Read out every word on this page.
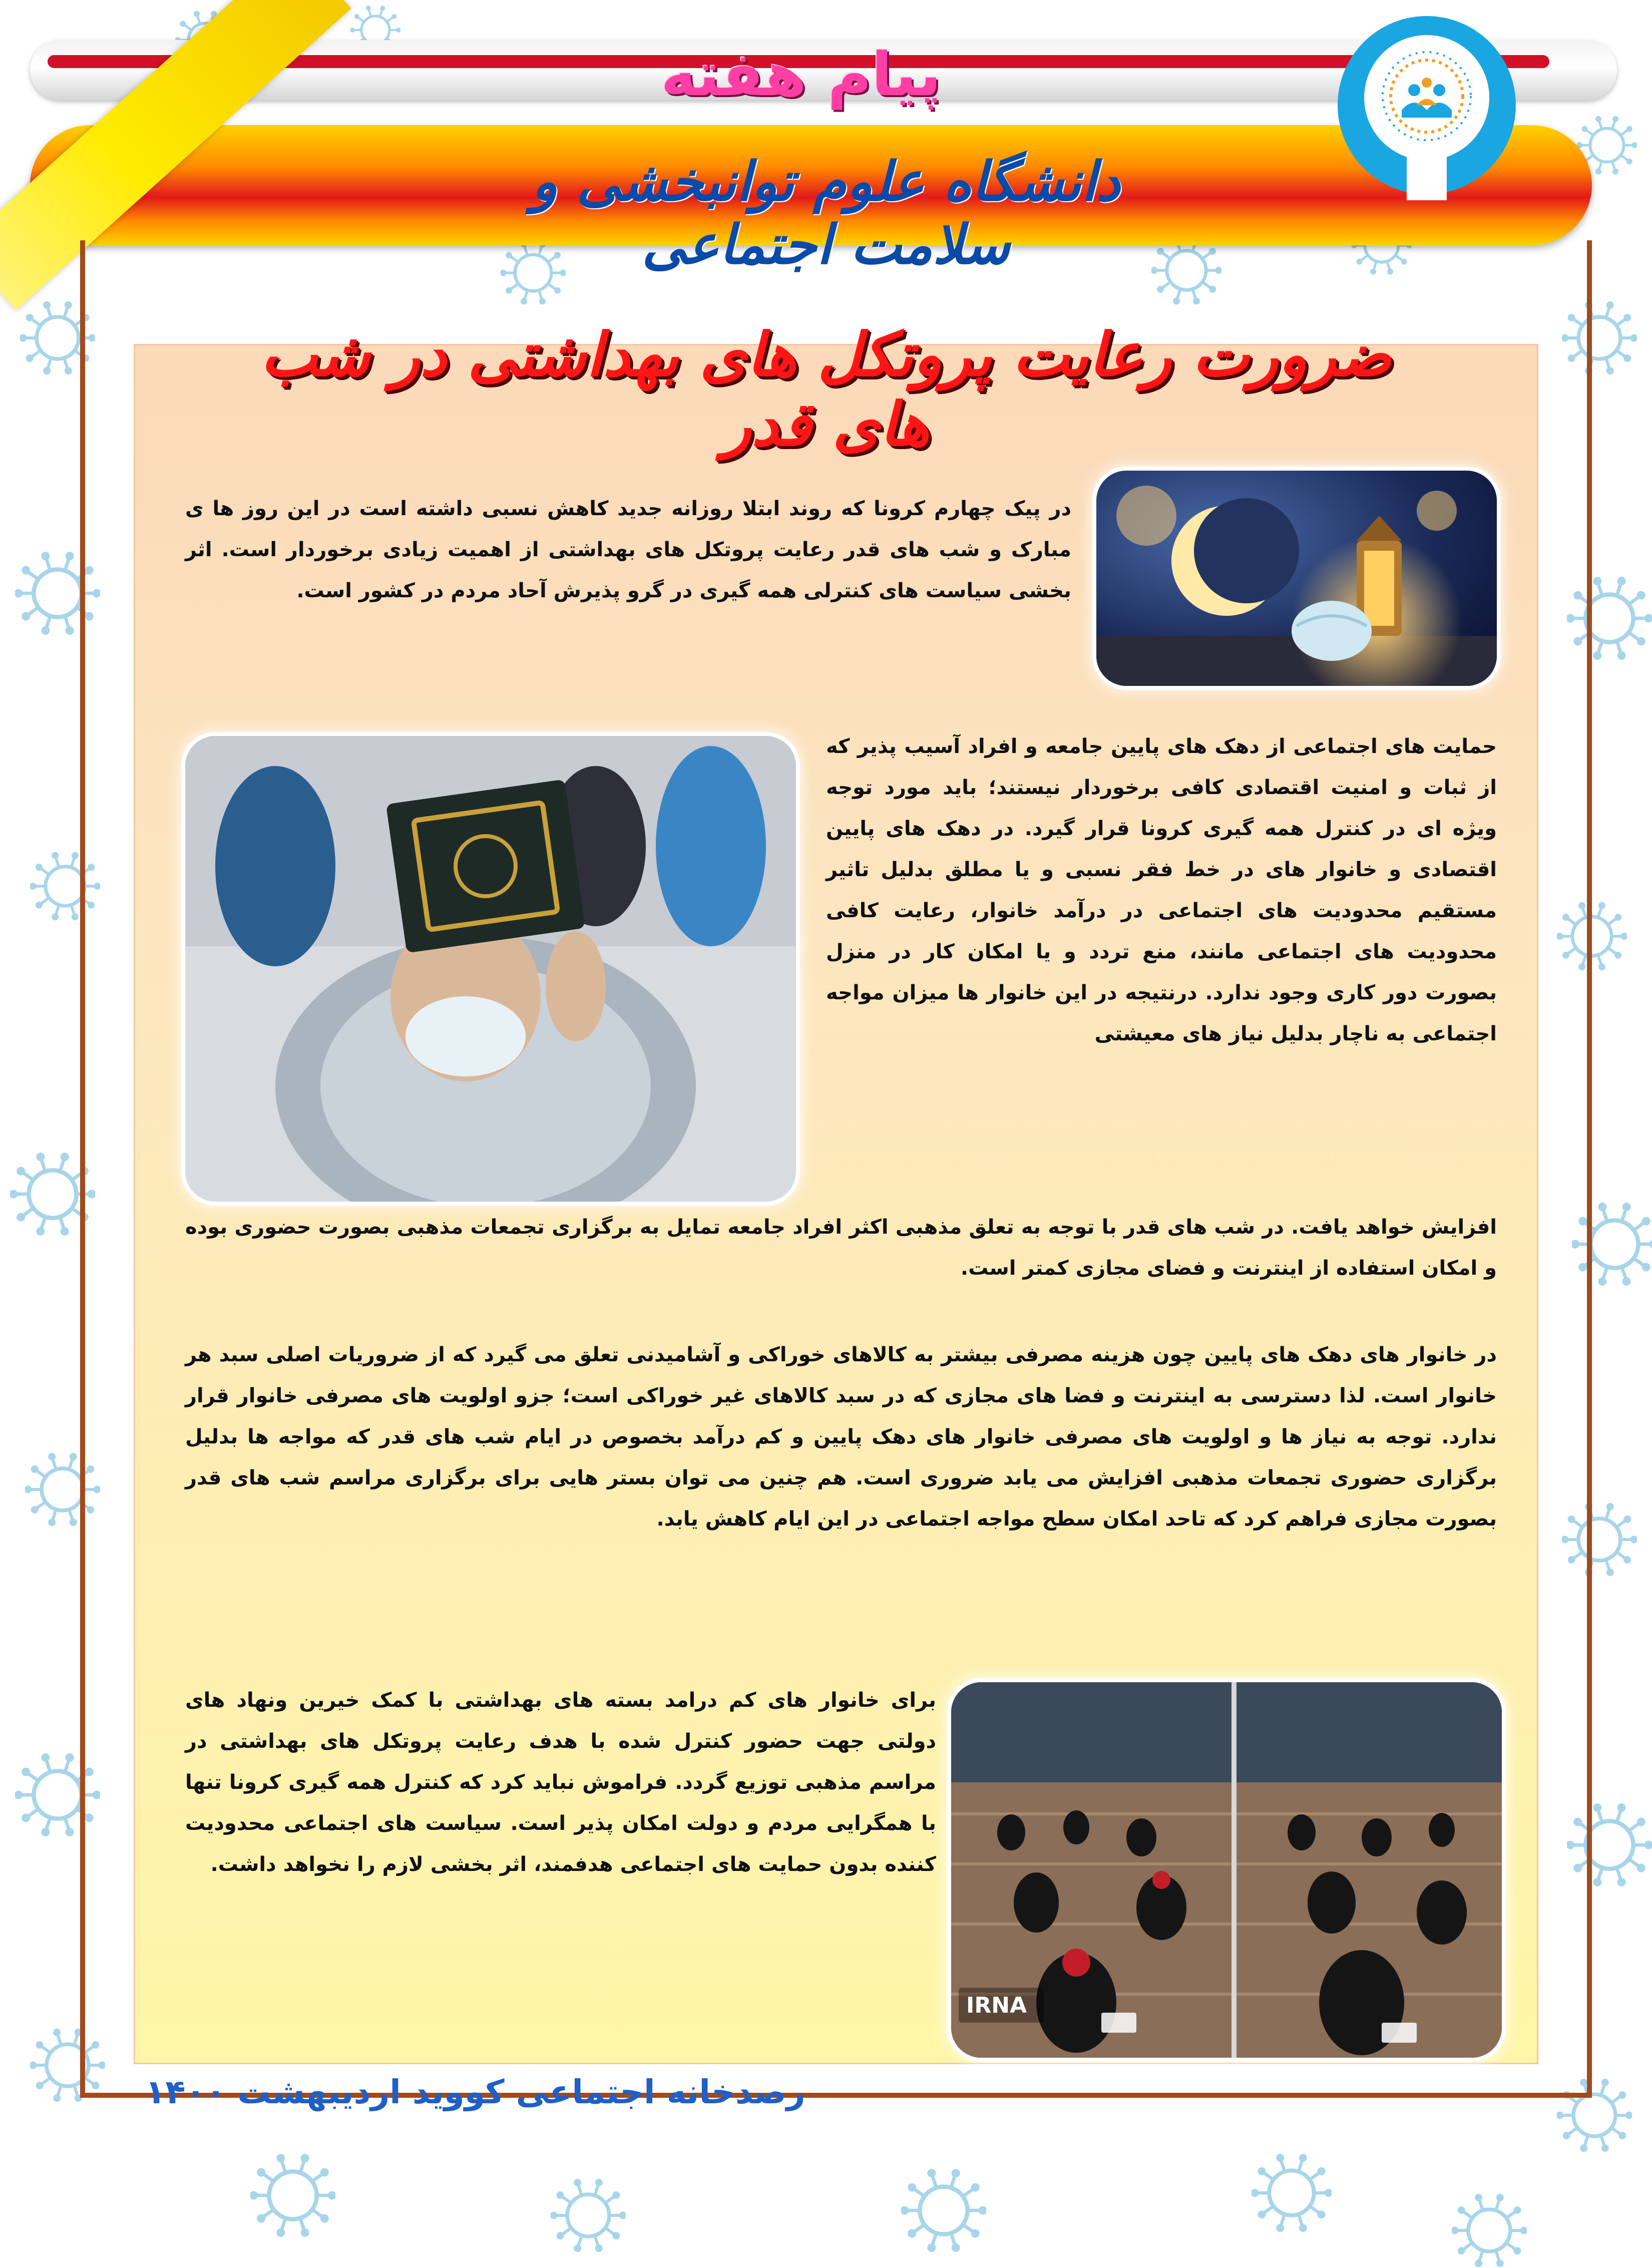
پیام هفته
دانشگاه علوم توانبخشی و سلامت اجتماعی
ضرورت رعایت پروتکل های بهداشتی در شب های قدر
IRNA
در پیک چهارم کرونا که روند ابتلا روزانه جدید کاهش نسبی داشته است در این روز ها ی مبارک و شب های قدر رعایت پروتکل های بهداشتی از اهمیت زیادی برخوردار است. اثر بخشی سیاست های کنترلی همه گیری در گرو پذیرش آحاد مردم در کشور است.
حمایت های اجتماعی از دهک های پایین جامعه و افراد آسیب پذیر که از ثبات و امنیت اقتصادی کافی برخوردار نیستند؛ باید مورد توجه ویژه ای در کنترل همه گیری کرونا قرار گیرد. در دهک های پایین اقتصادی و خانوار های در خط فقر نسبی و یا مطلق بدلیل تاثیر مستقیم محدودیت های اجتماعی در درآمد خانوار، رعایت کافی محدودیت های اجتماعی مانند، منع تردد و یا امکان کار در منزل بصورت دور کاری وجود ندارد. درنتیجه در این خانوار ها میزان مواجه اجتماعی به ناچار بدلیل نیاز های معیشتی
افزایش خواهد یافت. در شب های قدر با توجه به تعلق مذهبی اکثر افراد جامعه تمایل به برگزاری تجمعات مذهبی بصورت حضوری بوده و امکان استفاده از اینترنت و فضای مجازی کمتر است.
در خانوار های دهک های پایین چون هزینه مصرفی بیشتر به کالاهای خوراکی و آشامیدنی تعلق می گیرد که از ضروریات اصلی سبد هر خانوار است. لذا دسترسی به اینترنت و فضا های مجازی که در سبد کالاهای غیر خوراکی است؛ جزو اولویت های مصرفی خانوار قرار ندارد. توجه به نیاز ها و اولویت های مصرفی خانوار های دهک پایین و کم درآمد بخصوص در ایام شب های قدر که مواجه ها بدلیل برگزاری حضوری تجمعات مذهبی افزایش می یابد ضروری است. هم چنین می توان بستر هایی برای برگزاری مراسم شب های قدر بصورت مجازی فراهم کرد که تاحد امکان سطح مواجه اجتماعی در این ایام کاهش یابد.
برای خانوار های کم درامد بسته های بهداشتی با کمک خیرین ونهاد های دولتی جهت حضور کنترل شده با هدف رعایت پروتکل های بهداشتی در مراسم مذهبی توزیع گردد. فراموش نباید کرد که کنترل همه گیری کرونا تنها با همگرایی مردم و دولت امکان پذیر است. سیاست های اجتماعی محدودیت کننده بدون حمایت های اجتماعی هدفمند، اثر بخشی لازم را نخواهد داشت.
رصدخانه اجتماعی کووید اردیبهشت ۱۴۰۰
